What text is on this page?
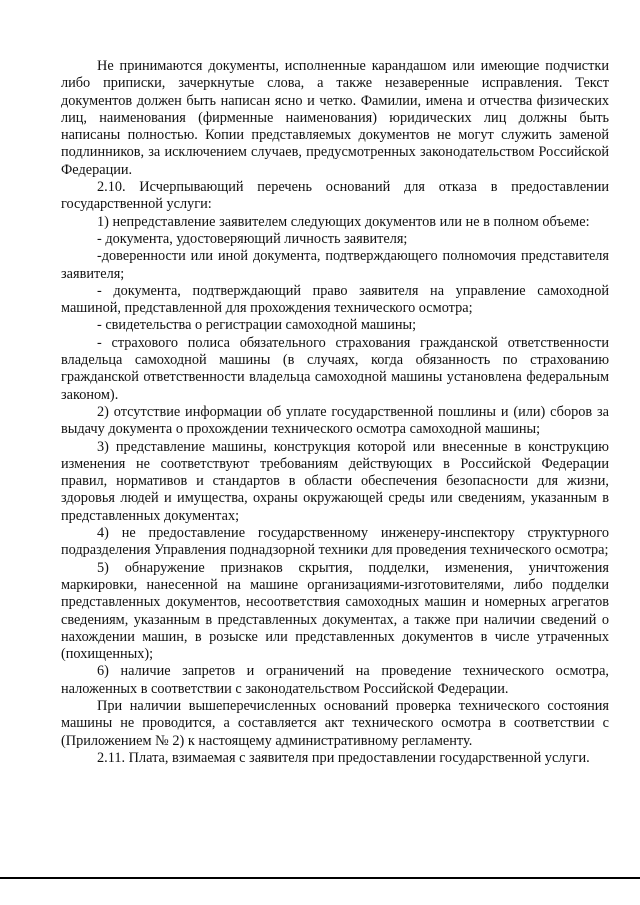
Не принимаются документы, исполненные карандашом или имеющие подчистки либо приписки, зачеркнутые слова, а также незаверенные исправления. Текст документов должен быть написан ясно и четко. Фамилии, имена и отчества физических лиц, наименования (фирменные наименования) юридических лиц должны быть написаны полностью. Копии представляемых документов не могут служить заменой подлинников, за исключением случаев, предусмотренных законодательством Российской Федерации.

2.10. Исчерпывающий перечень оснований для отказа в предоставлении государственной услуги:

1) непредставление заявителем следующих документов или не в полном объеме:

- документа, удостоверяющий личность заявителя;

-доверенности или иной документа, подтверждающего полномочия представителя заявителя;

- документа, подтверждающий право заявителя на управление самоходной машиной, представленной для прохождения технического осмотра;

- свидетельства о регистрации самоходной машины;

- страхового полиса обязательного страхования гражданской ответственности владельца самоходной машины (в случаях, когда обязанность по страхованию гражданской ответственности владельца самоходной машины установлена федеральным законом).

2) отсутствие информации об уплате государственной пошлины и (или) сборов за выдачу документа о прохождении технического осмотра самоходной машины;

3) представление машины, конструкция которой или внесенные в конструкцию изменения не соответствуют требованиям действующих в Российской Федерации правил, нормативов и стандартов в области обеспечения безопасности для жизни, здоровья людей и имущества, охраны окружающей среды или сведениям, указанным в представленных документах;

4) не предоставление государственному инженеру-инспектору структурного подразделения Управления поднадзорной техники для проведения технического осмотра;

5) обнаружение признаков скрытия, подделки, изменения, уничтожения маркировки, нанесенной на машине организациями-изготовителями, либо подделки представленных документов, несоответствия самоходных машин и номерных агрегатов сведениям, указанным в представленных документах, а также при наличии сведений о нахождении машин, в розыске или представленных документов в числе утраченных (похищенных);

6) наличие запретов и ограничений на проведение технического осмотра, наложенных в соответствии с законодательством Российской Федерации.

При наличии вышеперечисленных оснований проверка технического состояния машины не проводится, а составляется акт технического осмотра в соответствии с (Приложением № 2) к настоящему административному регламенту.

2.11. Плата, взимаемая с заявителя при предоставлении государственной услуги.
